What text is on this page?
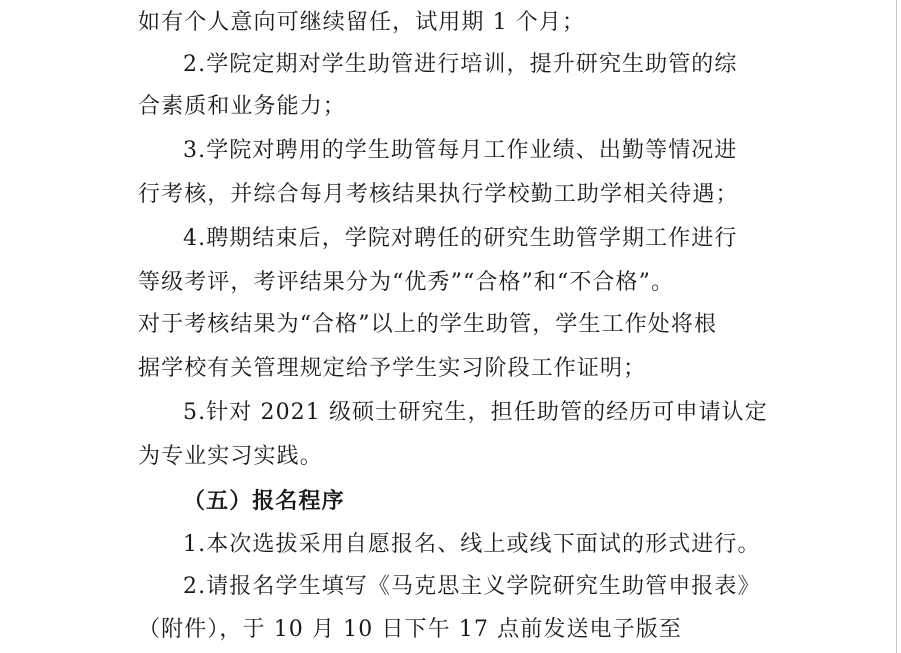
如有个人意向可继续留任，试用期 1 个月；
2.学院定期对学生助管进行培训，提升研究生助管的综
合素质和业务能力；
3.学院对聘用的学生助管每月工作业绩、出勤等情况进
行考核，并综合每月考核结果执行学校勤工助学相关待遇；
4.聘期结束后，学院对聘任的研究生助管学期工作进行
等级考评，考评结果分为“优秀”“合格”和“不合格”。
对于考核结果为“合格”以上的学生助管，学生工作处将根
据学校有关管理规定给予学生实习阶段工作证明；
5.针对 2021 级硕士研究生，担任助管的经历可申请认定
为专业实习实践。
（五）报名程序
1.本次选拔采用自愿报名、线上或线下面试的形式进行。
2.请报名学生填写《马克思主义学院研究生助管申报表》
（附件），于 10 月 10 日下午 17 点前发送电子版至
